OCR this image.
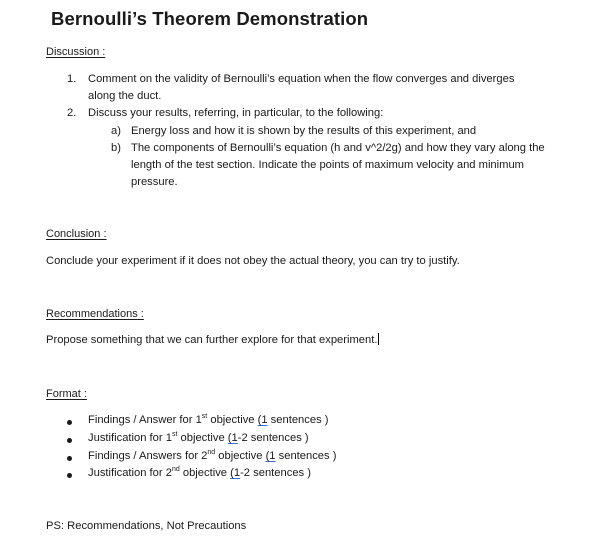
Bernoulli’s Theorem Demonstration
Discussion :
1. Comment on the validity of Bernoulli’s equation when the flow converges and diverges
along the duct.
2. Discuss your results, referring, in particular, to the following:
a) Energy loss and how it is shown by the results of this experiment, and
b) The components of Bernoulli’s equation (h and v^2/2g) and how they vary along the
length of the test section. Indicate the points of maximum velocity and minimum
pressure.
Conclusion :
Conclude your experiment if it does not obey the actual theory, you can try to justify.
Recommendations :
Propose something that we can further explore for that experiment.
Format :
Findings / Answer for 1st objective (1 sentences )
Justification for 1st objective (1-2 sentences )
Findings / Answers for 2nd objective (1 sentences )
Justification for 2nd objective (1-2 sentences )
PS: Recommendations, Not Precautions
